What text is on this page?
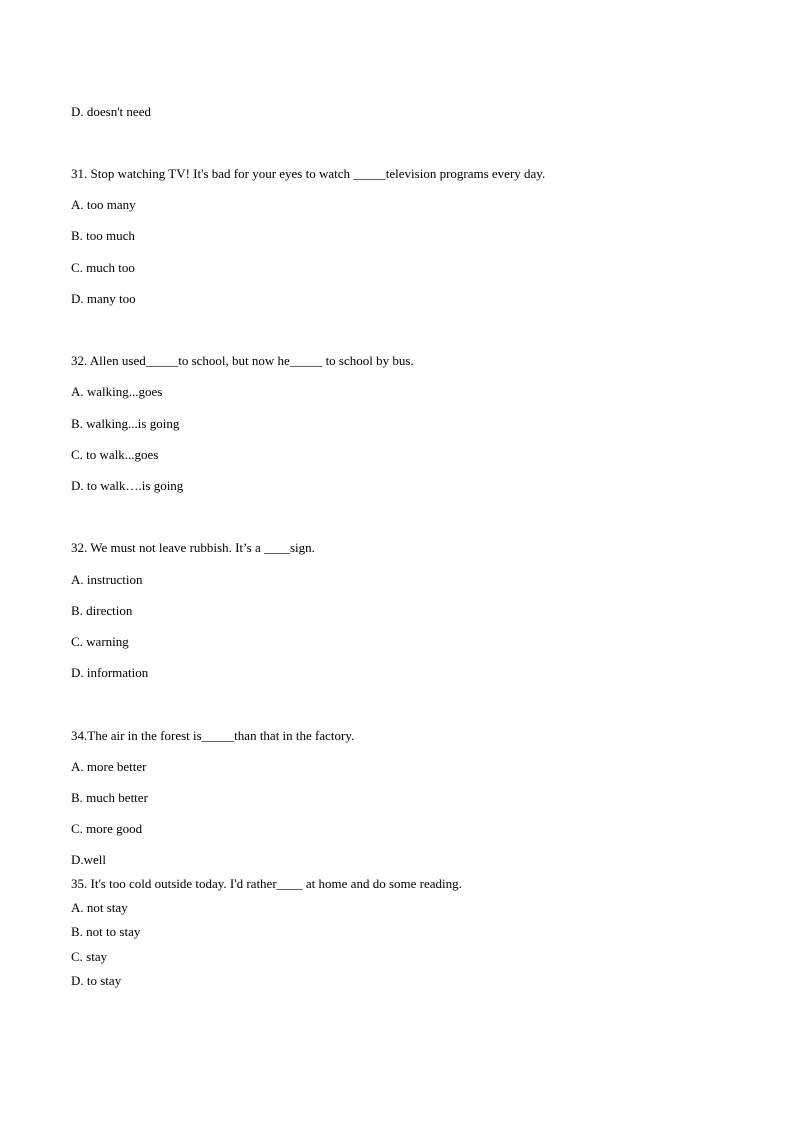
D. doesn't need
31. Stop watching TV! It's bad for your eyes to watch _____television programs every day.
A. too many
B. too much
C. much too
D. many too
32. Allen used_____to school, but now he_____ to school by bus.
A. walking...goes
B. walking...is going
C. to walk...goes
D. to walk….is going
32. We must not leave rubbish. It’s a ____sign.
A. instruction
B. direction
C. warning
D. information
34.The air in the forest is_____than that in the factory.
A. more better
B. much better
C. more good
D.well
35. It's too cold outside today. I'd rather____ at home and do some reading.
A. not stay
B. not to stay
C. stay
D. to stay
